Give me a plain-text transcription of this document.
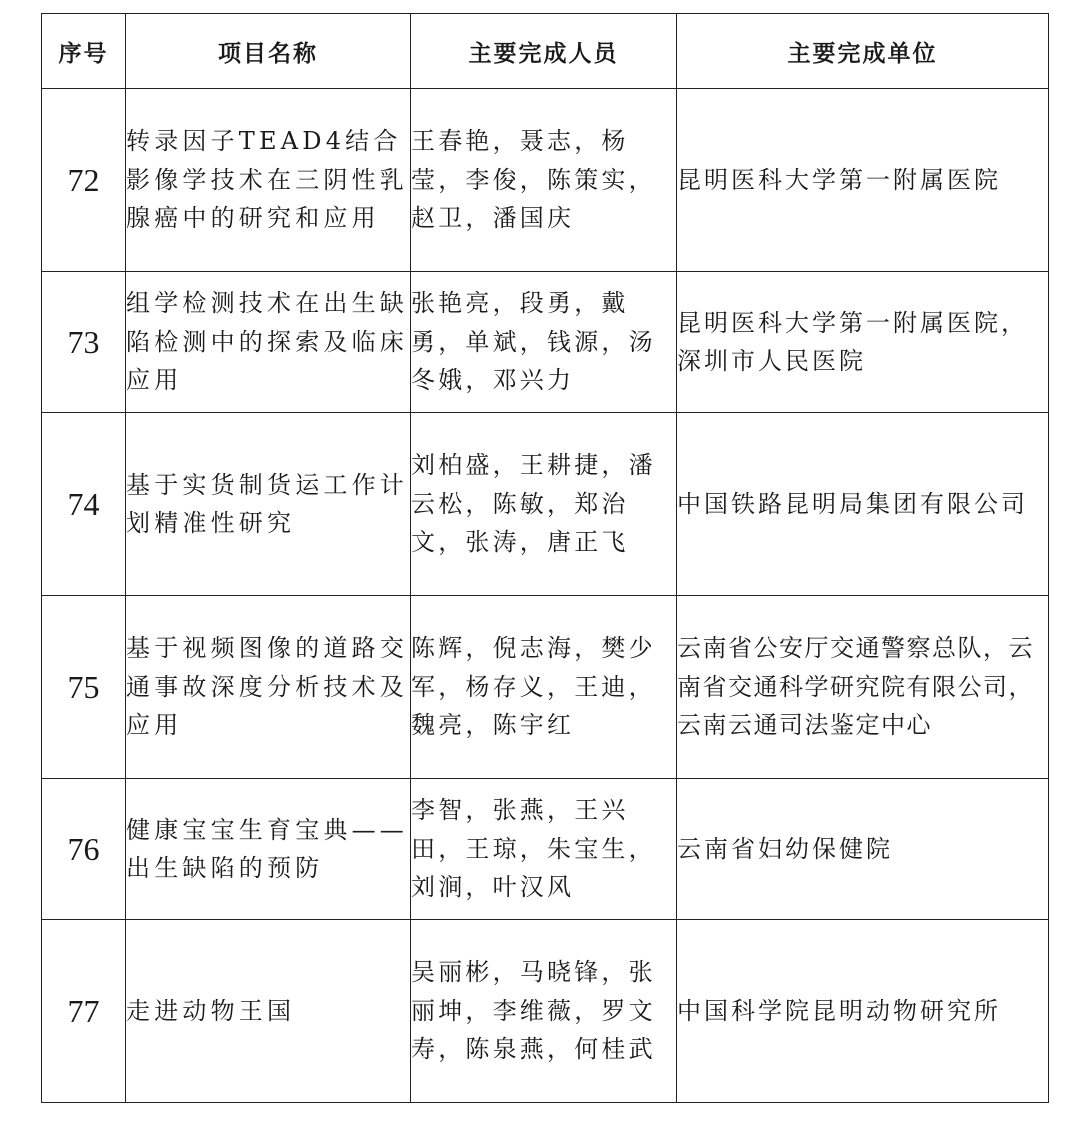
序号	项目名称	主要完成人员	主要完成单位
72	转录因子TEAD4结合影像学技术在三阴性乳腺癌中的研究和应用	王春艳，聂志，杨莹，李俊，陈策实，赵卫，潘国庆	昆明医科大学第一附属医院

73	组学检测技术在出生缺陷检测中的探索及临床应用	张艳亮，段勇，戴勇，单斌，钱源，汤冬娥，邓兴力	昆明医科大学第一附属医院，深圳市人民医院

74	基于实货制货运工作计划精准性研究	刘柏盛，王耕捷，潘云松，陈敏，郑治文，张涛，唐正飞	中国铁路昆明局集团有限公司

75	基于视频图像的道路交通事故深度分析技术及应用	陈辉，倪志海，樊少军，杨存义，王迪，魏亮，陈宇红	云南省公安厅交通警察总队，云南省交通科学研究院有限公司，云南云通司法鉴定中心

76	健康宝宝生育宝典——出生缺陷的预防	李智，张燕，王兴田，王琼，朱宝生，刘涧，叶汉风	云南省妇幼保健院

77	走进动物王国	吴丽彬，马晓锋，张丽坤，李维薇，罗文寿，陈泉燕，何桂武	中国科学院昆明动物研究所
